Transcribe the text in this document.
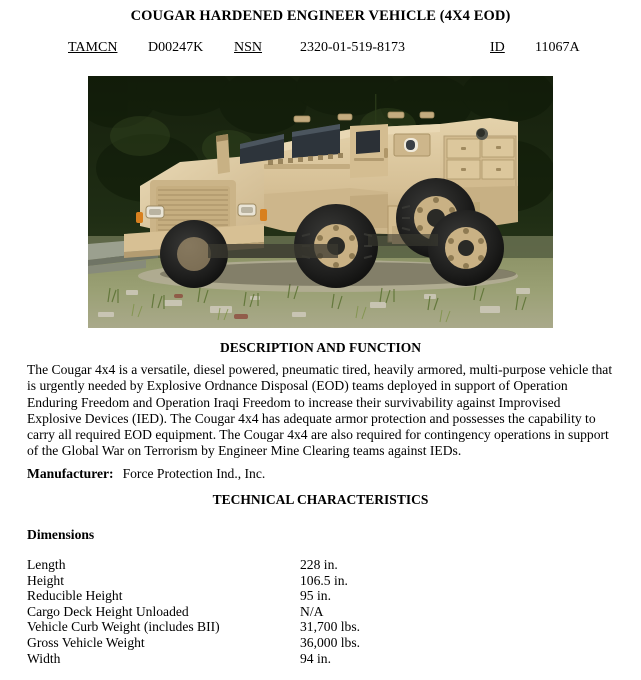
COUGAR HARDENED ENGINEER VEHICLE (4X4 EOD)
TAMCN D00247K NSN	2320-01-519-8173	ID 11067A
DESCRIPTION AND FUNCTION
The Cougar 4x4 is a versatile, diesel powered, pneumatic tired, heavily armored, multi-purpose vehicle that is urgently needed by Explosive Ordnance Disposal (EOD) teams deployed in support of Operation Enduring Freedom and Operation Iraqi Freedom to increase their survivability against Improvised Explosive Devices (IED). The Cougar 4x4 has adequate armor protection and possesses the capability to carry all required EOD equipment. The Cougar 4x4 are also required for contingency operations in support of the Global War on Terrorism by Engineer Mine Clearing teams against IEDs.
Manufacturer: Force Protection Ind., Inc.
TECHNICAL CHARACTERISTICS
Dimensions
Length	228 in.
Height	106.5 in.
Reducible Height	95 in.
Cargo Deck Height Unloaded	N/A
Vehicle Curb Weight (includes BII)	31,700 lbs.
Gross Vehicle Weight	36,000 lbs.
Width	94 in.
